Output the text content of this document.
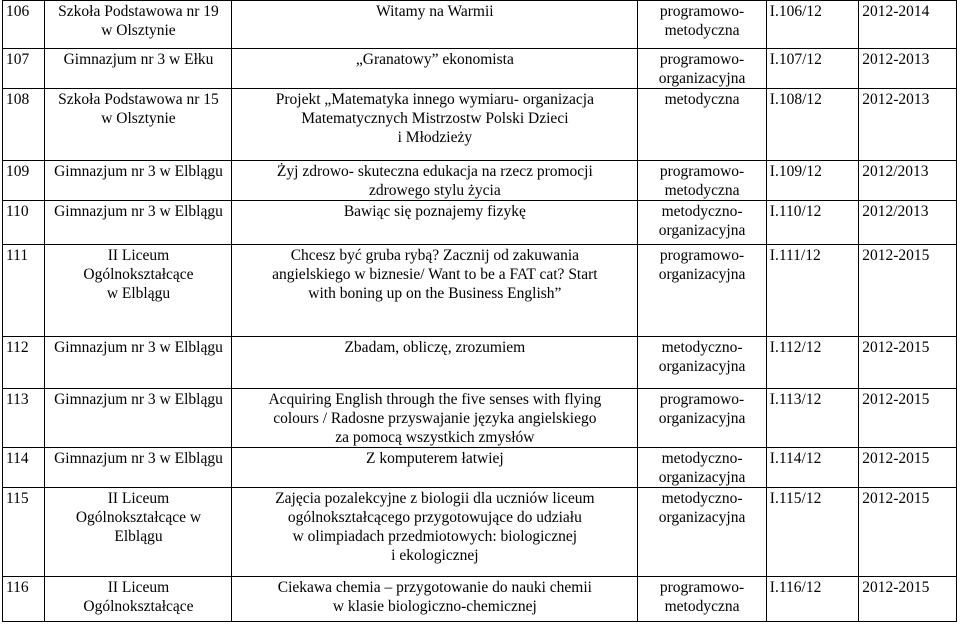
106	Szkoła Podstawowa nr 19
w Olsztynie	Witamy na Warmii	programowo-
metodyczna	I.106/12	2012-2014

107	Gimnazjum nr 3 w Ełku	„Granatowy” ekonomista	programowo-
organizacyjna	I.107/12	2012-2013

108	Szkoła Podstawowa nr 15
w Olsztynie	Projekt „Matematyka innego wymiaru- organizacja
Matematycznych Mistrzostw Polski Dzieci
i Młodzieży	metodyczna	I.108/12	2012-2013

109	Gimnazjum nr 3 w Elblągu	Żyj zdrowo- skuteczna edukacja na rzecz promocji
zdrowego stylu życia	programowo-
metodyczna	I.109/12	2012/2013

110	Gimnazjum nr 3 w Elblągu	Bawiąc się poznajemy fizykę	metodyczno-
organizacyjna	I.110/12	2012/2013

111	II Liceum
Ogólnokształcące
w Elblągu	Chcesz być gruba rybą? Zacznij od zakuwania
angielskiego w biznesie/ Want to be a FAT cat? Start
with boning up on the Business English”	programowo-
organizacyjna	I.111/12	2012-2015

112	Gimnazjum nr 3 w Elblągu	Zbadam, obliczę, zrozumiem	metodyczno-
organizacyjna	I.112/12	2012-2015

113	Gimnazjum nr 3 w Elblągu	Acquiring English through the five senses with flying
colours / Radosne przyswajanie języka angielskiego
za pomocą wszystkich zmysłów	programowo-
organizacyjna	I.113/12	2012-2015

114	Gimnazjum nr 3 w Elblągu	Z komputerem łatwiej	metodyczno-
organizacyjna	I.114/12	2012-2015

115	II Liceum
Ogólnokształcące w
Elblągu	Zajęcia pozalekcyjne z biologii dla uczniów liceum
ogólnokształcącego przygotowujące do udziału
w olimpiadach przedmiotowych: biologicznej
i ekologicznej	metodyczno-
organizacyjna	I.115/12	2012-2015

116	II Liceum
Ogólnokształcące	Ciekawa chemia – przygotowanie do nauki chemii
w klasie biologiczno-chemicznej	programowo-
metodyczna	I.116/12	2012-2015
